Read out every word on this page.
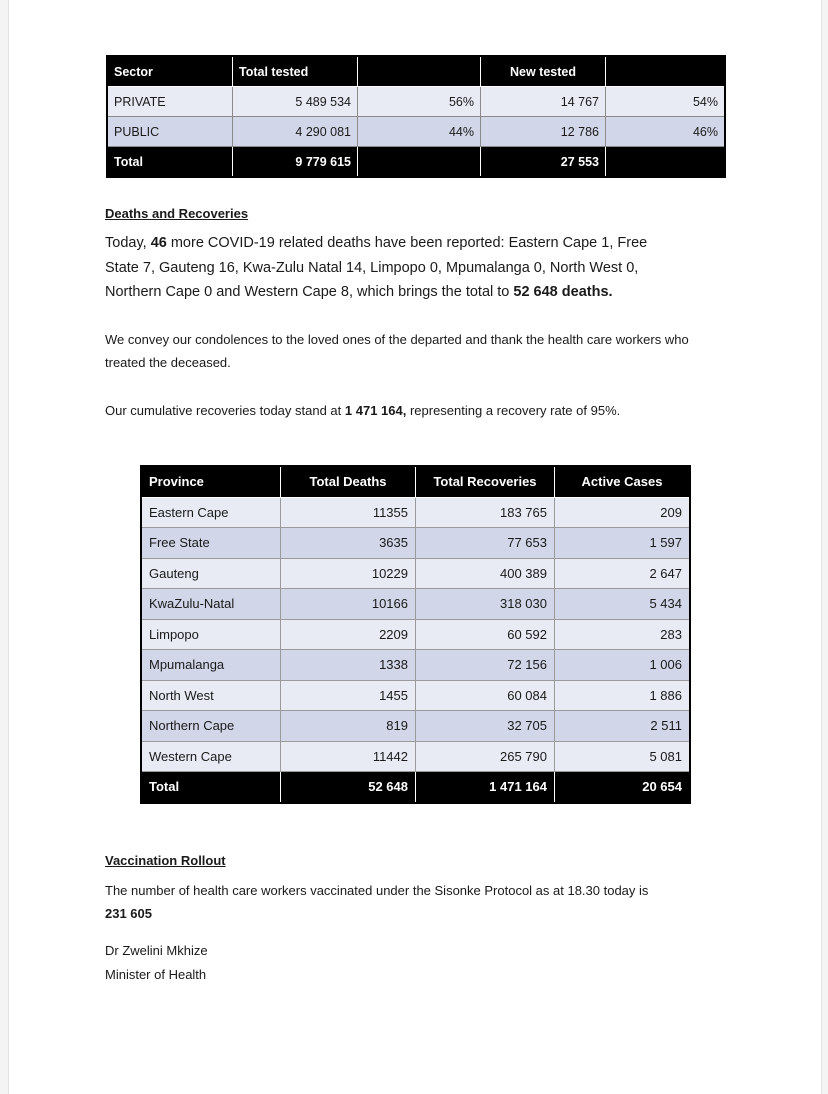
Sector	Total tested		New tested	
PRIVATE	5 489 534	56%	14 767	54%
PUBLIC	4 290 081	44%	12 786	46%
Total	9 779 615		27 553	
Deaths and Recoveries
Today, 46 more COVID-19 related deaths have been reported: Eastern Cape 1, Free State 7, Gauteng 16, Kwa-Zulu Natal 14, Limpopo 0, Mpumalanga 0, North West 0, Northern Cape 0 and Western Cape 8, which brings the total to 52 648 deaths.
We convey our condolences to the loved ones of the departed and thank the health care workers who treated the deceased.
Our cumulative recoveries today stand at 1 471 164, representing a recovery rate of 95%.
Province	Total Deaths	Total Recoveries	Active Cases
Eastern Cape	11355	183 765	209
Free State	3635	77 653	1 597
Gauteng	10229	400 389	2 647
KwaZulu-Natal	10166	318 030	5 434
Limpopo	2209	60 592	283
Mpumalanga	1338	72 156	1 006
North West	1455	60 084	1 886
Northern Cape	819	32 705	2 511
Western Cape	11442	265 790	5 081
Total	52 648	1 471 164	20 654
Vaccination Rollout
The number of health care workers vaccinated under the Sisonke Protocol as at 18.30 today is
231 605
Dr Zwelini Mkhize
Minister of Health
